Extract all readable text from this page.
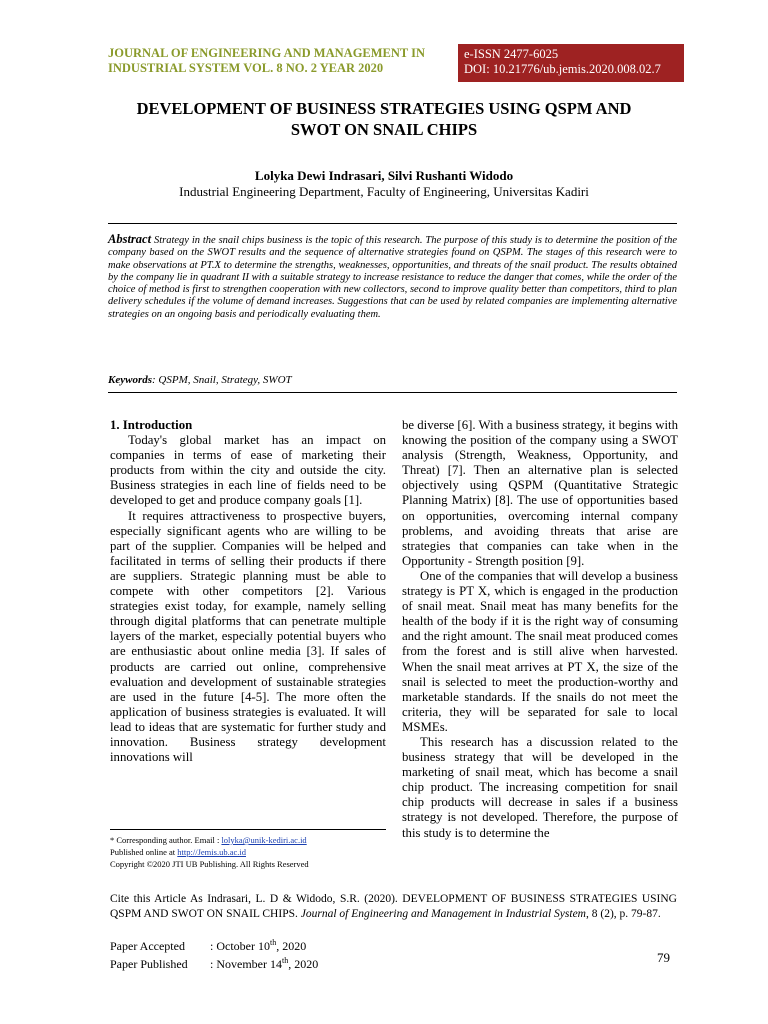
JOURNAL OF ENGINEERING AND MANAGEMENT IN
INDUSTRIAL SYSTEM VOL. 8 NO. 2 YEAR 2020
e-ISSN 2477-6025
DOI: 10.21776/ub.jemis.2020.008.02.7
DEVELOPMENT OF BUSINESS STRATEGIES USING QSPM AND
SWOT ON SNAIL CHIPS
Lolyka Dewi Indrasari, Silvi Rushanti Widodo
Industrial Engineering Department, Faculty of Engineering, Universitas Kadiri
Abstract Strategy in the snail chips business is the topic of this research. The purpose of this study is to determine the position of the company based on the SWOT results and the sequence of alternative strategies found on QSPM. The stages of this research were to make observations at PT.X to determine the strengths, weaknesses, opportunities, and threats of the snail product. The results obtained by the company lie in quadrant II with a suitable strategy to increase resistance to reduce the danger that comes, while the order of the choice of method is first to strengthen cooperation with new collectors, second to improve quality better than competitors, third to plan delivery schedules if the volume of demand increases. Suggestions that can be used by related companies are implementing alternative strategies on an ongoing basis and periodically evaluating them.
Keywords: QSPM, Snail, Strategy, SWOT
1. Introduction

Today's global market has an impact on companies in terms of ease of marketing their products from within the city and outside the city. Business strategies in each line of fields need to be developed to get and produce company goals [1].

It requires attractiveness to prospective buyers, especially significant agents who are willing to be part of the supplier. Companies will be helped and facilitated in terms of selling their products if there are suppliers. Strategic planning must be able to compete with other competitors [2]. Various strategies exist today, for example, namely selling through digital platforms that can penetrate multiple layers of the market, especially potential buyers who are enthusiastic about online media [3]. If sales of products are carried out online, comprehensive evaluation and development of sustainable strategies are used in the future [4-5]. The more often the application of business strategies is evaluated. It will lead to ideas that are systematic for further study and innovation. Business strategy development innovations will

be diverse [6]. With a business strategy, it begins with knowing the position of the company using a SWOT analysis (Strength, Weakness, Opportunity, and Threat) [7]. Then an alternative plan is selected objectively using QSPM (Quantitative Strategic Planning Matrix) [8]. The use of opportunities based on opportunities, overcoming internal company problems, and avoiding threats that arise are strategies that companies can take when in the Opportunity - Strength position [9].

One of the companies that will develop a business strategy is PT X, which is engaged in the production of snail meat. Snail meat has many benefits for the health of the body if it is the right way of consuming and the right amount. The snail meat produced comes from the forest and is still alive when harvested. When the snail meat arrives at PT X, the size of the snail is selected to meet the production-worthy and marketable standards. If the snails do not meet the criteria, they will be separated for sale to local MSMEs.

This research has a discussion related to the business strategy that will be developed in the marketing of snail meat, which has become a snail chip product. The increasing competition for snail chip products will decrease in sales if a business strategy is not developed. Therefore, the purpose of this study is to determine the

* Corresponding author. Email : lolyka@unik-kediri.ac.id
Published online at http://Jemis.ub.ac.id
Copyright ©2020 JTI UB Publishing. All Rights Reserved
Cite this Article As Indrasari, L. D & Widodo, S.R. (2020). DEVELOPMENT OF BUSINESS STRATEGIES USING QSPM AND SWOT ON SNAIL CHIPS. Journal of Engineering and Management in Industrial System, 8 (2), p. 79-87.
Paper Accepted : October 10th, 2020
Paper Published : November 14th, 2020	79
